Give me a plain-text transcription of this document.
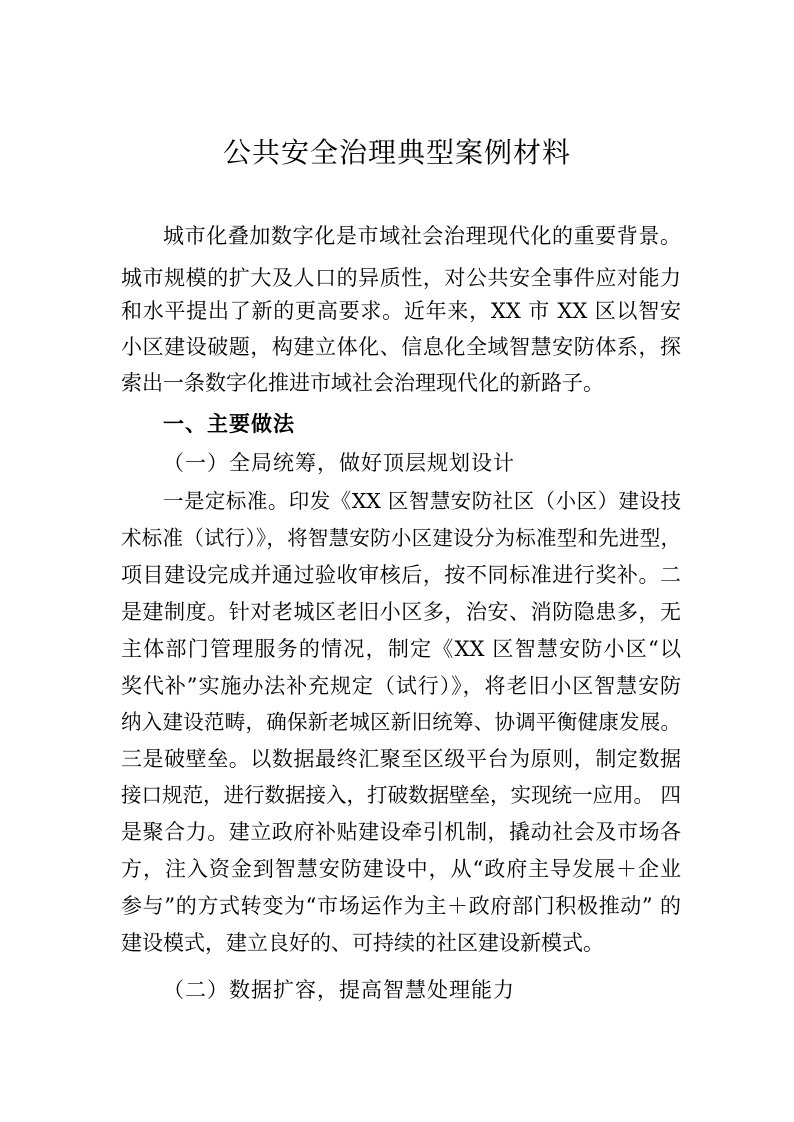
公共安全治理典型案例材料
城市化叠加数字化是市域社会治理现代化的重要背景。
城市规模的扩大及人口的异质性，对公共安全事件应对能力
和水平提出了新的更高要求。近年来，XX 市 XX 区以智安
小区建设破题，构建立体化、信息化全域智慧安防体系，探
索出一条数字化推进市域社会治理现代化的新路子。
一、主要做法
（一）全局统筹，做好顶层规划设计
一是定标准。印发《XX 区智慧安防社区（小区）建设技
术标准（试行）》，将智慧安防小区建设分为标准型和先进型，
项目建设完成并通过验收审核后，按不同标准进行奖补。二
是建制度。针对老城区老旧小区多，治安、消防隐患多，无
主体部门管理服务的情况，制定《XX 区智慧安防小区“以
奖代补”实施办法补充规定（试行）》，将老旧小区智慧安防
纳入建设范畴，确保新老城区新旧统筹、协调平衡健康发展。
三是破壁垒。以数据最终汇聚至区级平台为原则，制定数据
接口规范，进行数据接入，打破数据壁垒，实现统一应用。 四
是聚合力。建立政府补贴建设牵引机制，撬动社会及市场各
方，注入资金到智慧安防建设中，从“政府主导发展＋企业
参与”的方式转变为“市场运作为主＋政府部门积极推动” 的
建设模式，建立良好的、可持续的社区建设新模式。
（二）数据扩容，提高智慧处理能力
